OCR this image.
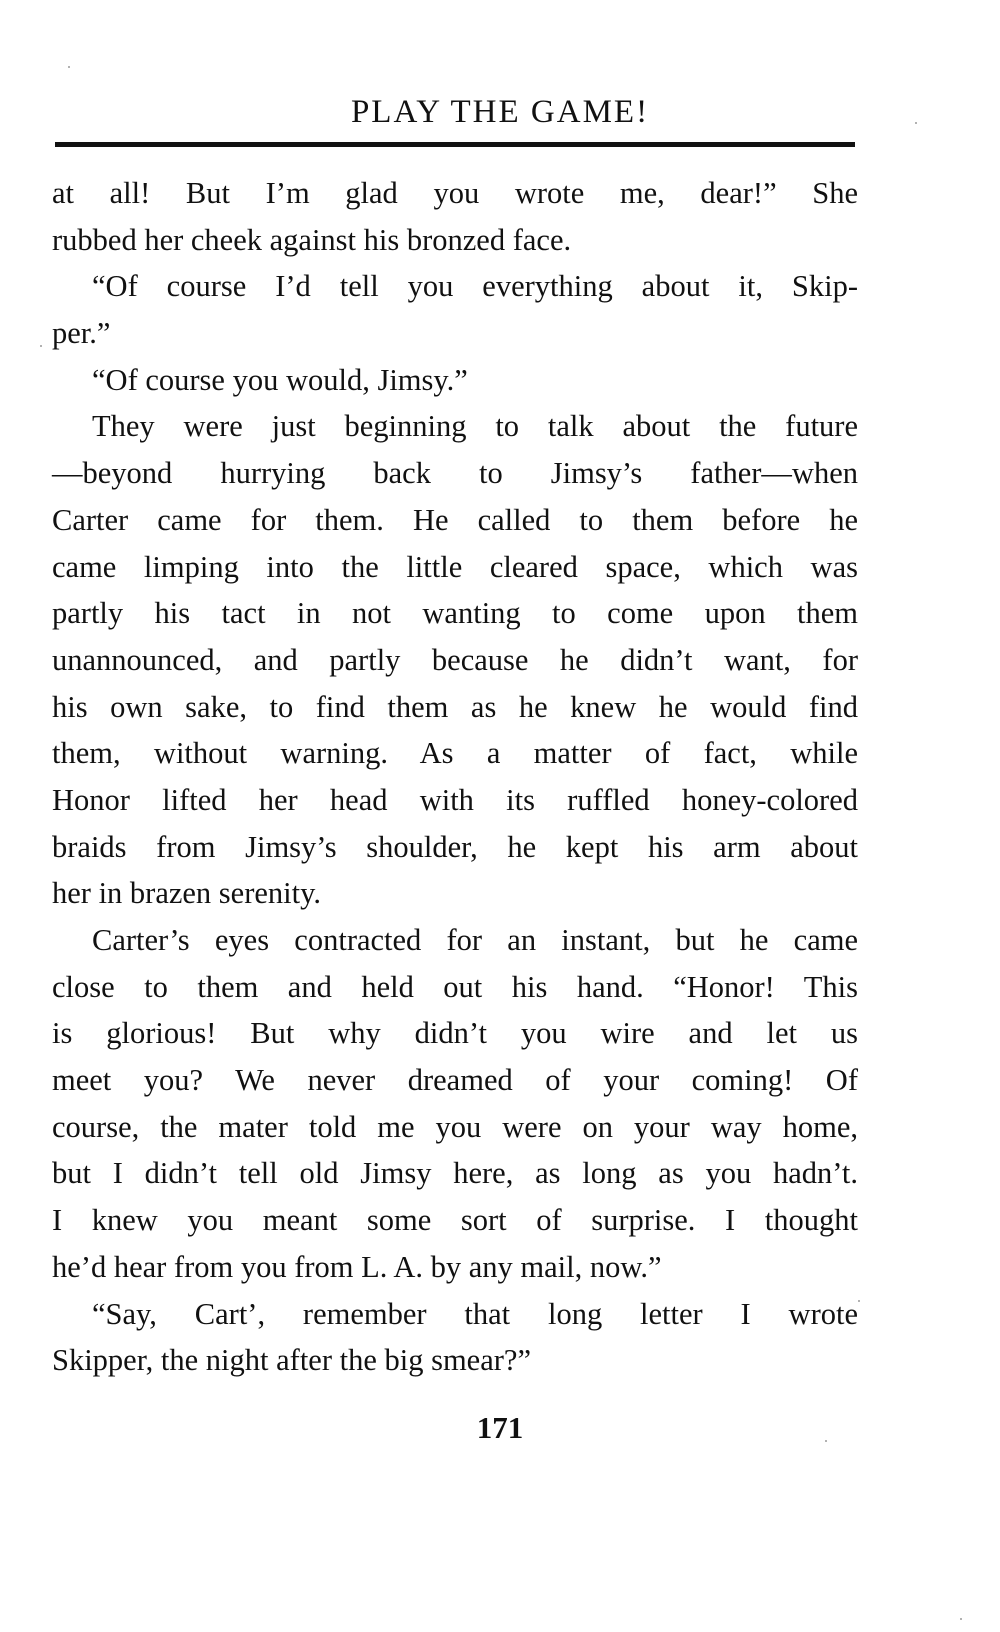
PLAY THE GAME!
at all! But I’m glad you wrote me, dear!” She
rubbed her cheek against his bronzed face.
“Of course I’d tell you everything about it, Skip-
per.”
“Of course you would, Jimsy.”
They were just beginning to talk about the future
—beyond hurrying back to Jimsy’s father—when
Carter came for them. He called to them before he
came limping into the little cleared space, which was
partly his tact in not wanting to come upon them
unannounced, and partly because he didn’t want, for
his own sake, to find them as he knew he would find
them, without warning. As a matter of fact, while
Honor lifted her head with its ruffled honey-colored
braids from Jimsy’s shoulder, he kept his arm about
her in brazen serenity.
Carter’s eyes contracted for an instant, but he came
close to them and held out his hand. “Honor! This
is glorious! But why didn’t you wire and let us
meet you? We never dreamed of your coming! Of
course, the mater told me you were on your way home,
but I didn’t tell old Jimsy here, as long as you hadn’t.
I knew you meant some sort of surprise. I thought
he’d hear from you from L. A. by any mail, now.”
“Say, Cart’, remember that long letter I wrote
Skipper, the night after the big smear?”
171
